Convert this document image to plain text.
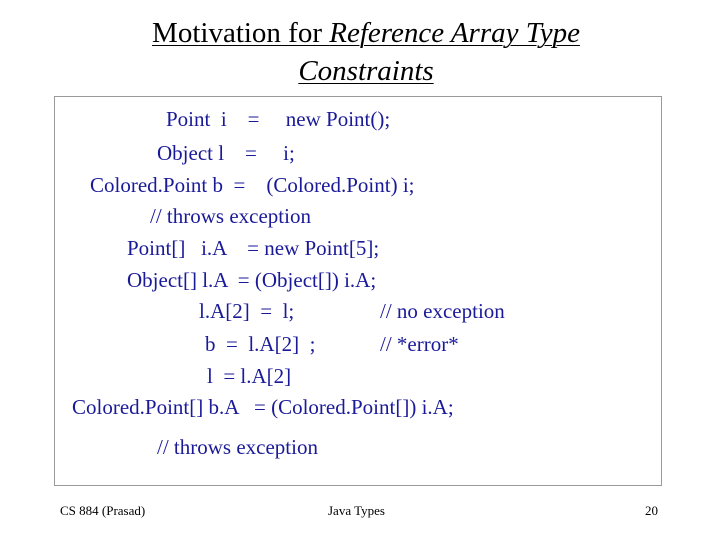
Motivation for Reference Array Type
Constraints
Point  i    =     new Point();
Object l    =     i;
Colored.Point b  =    (Colored.Point) i;
// throws exception
Point[]   i.A    = new Point[5];
Object[] l.A  = (Object[]) i.A;
l.A[2]  =  l;	// no exception
b  =  l.A[2]  ;	// *error*
l  = l.A[2]
Colored.Point[] b.A   = (Colored.Point[]) i.A;
// throws exception
CS 884 (Prasad)	Java Types	20
